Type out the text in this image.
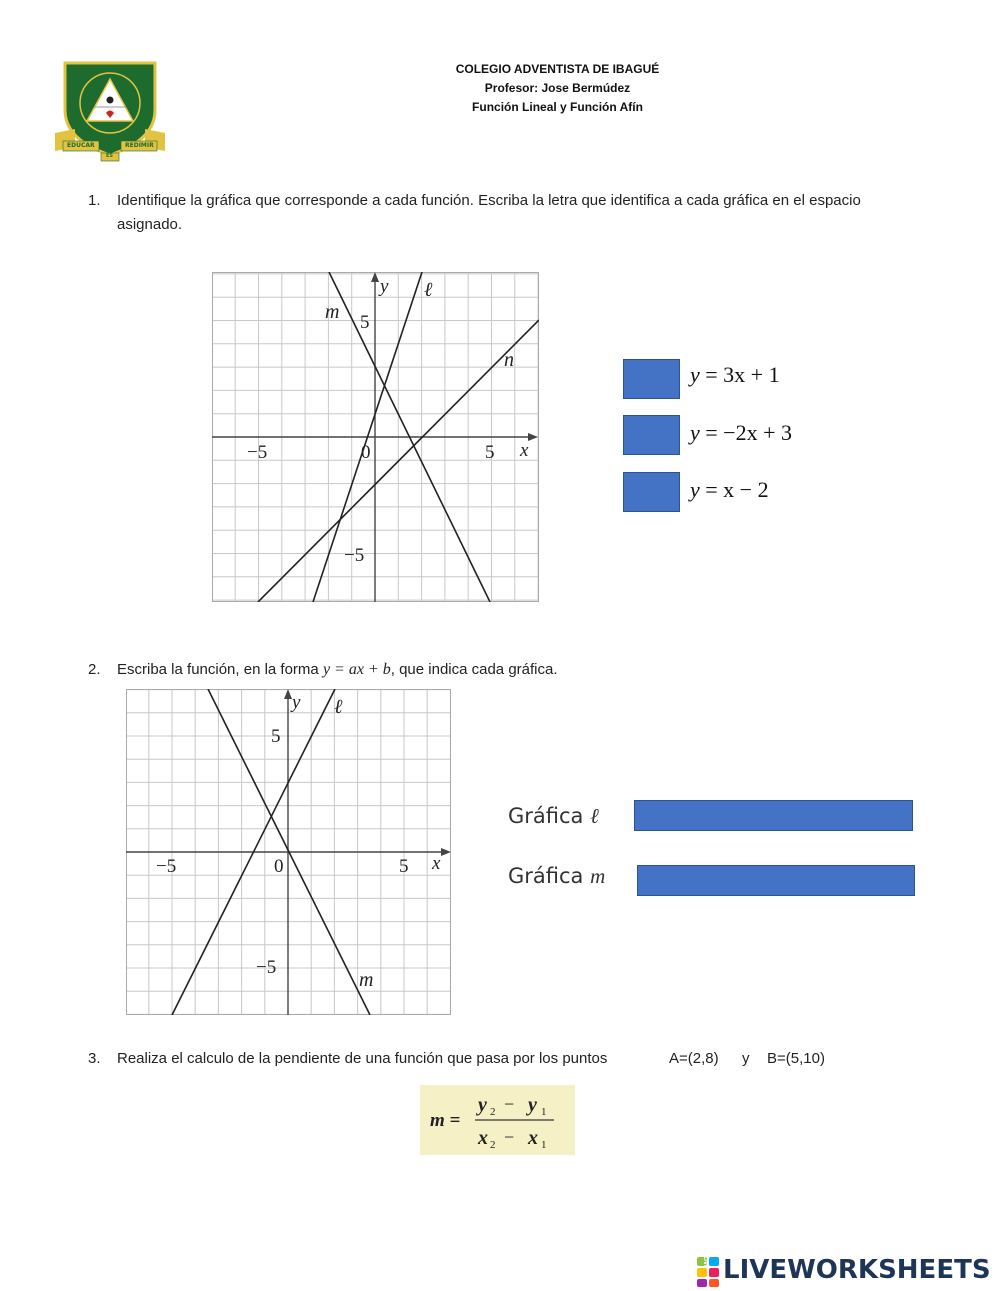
EDUCAR	REDIMIR
ES
COLEGIO ADVENTISTA DE IBAGUÉ
Profesor: Jose Bermúdez
Función Lineal y Función Afín
1. Identifique la gráfica que corresponde a cada función. Escriba la letra que identifica a cada gráfica en el espacio
asignado.
y
x
−5	5
0
5
−5
ℓ
m
n
y = 3x + 1
y = −2x + 3
y = x − 2
2. Escriba la función, en la forma y = ax + b, que indica cada gráfica.
y
x
−5	5
0
5
−5
ℓ
m
Gráfica ℓ
Gráfica m
3. Realiza el calculo de la pendiente de una función que pasa por los puntos	A=(2,8) y B=(5,10)
m =
y 2 − y 1
x 2 − x 1
LIVE LIVEWORKSHEETS
